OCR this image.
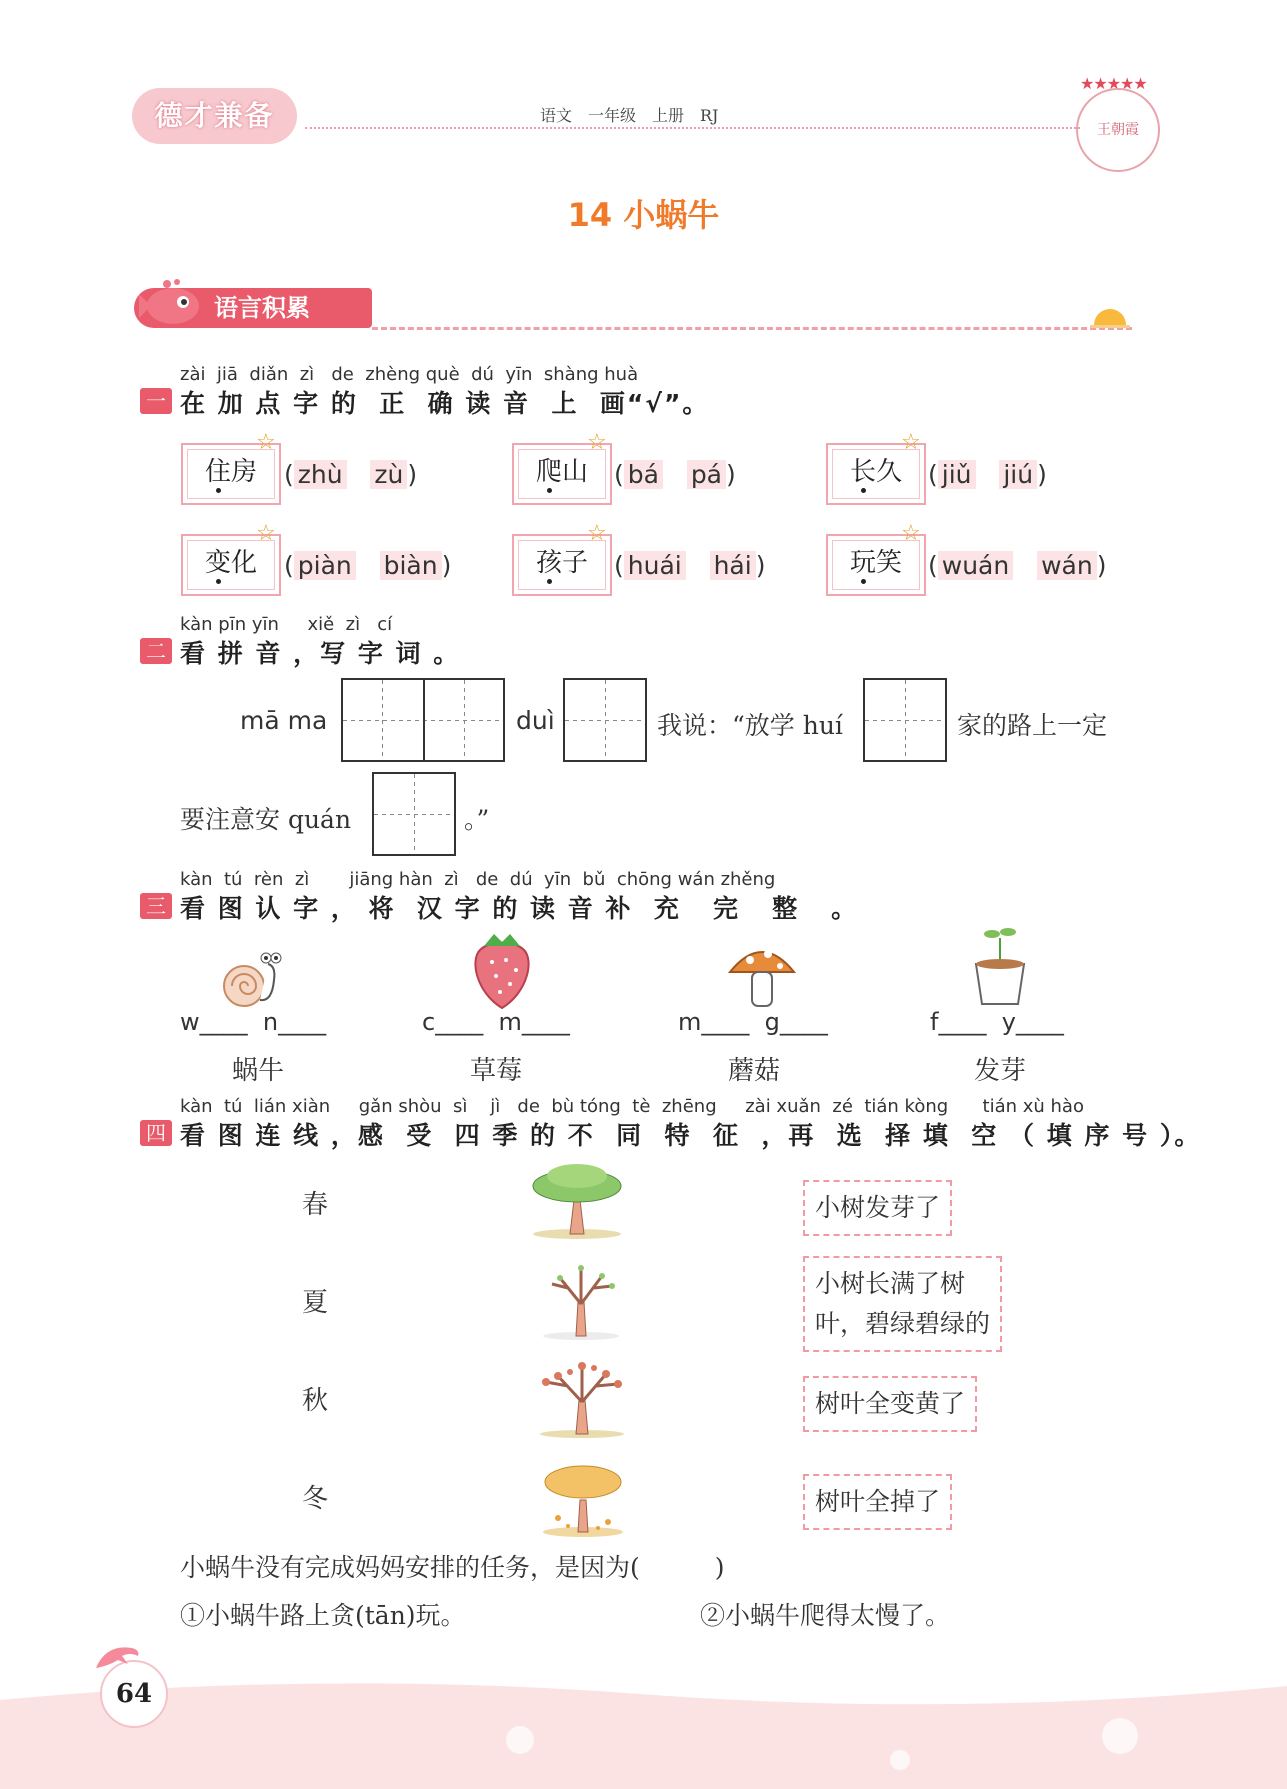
德才兼备	语文　一年级　上册　RJ
★★★★★
王朝霞
14 小蜗牛
语言积累
zài  jiā  diǎn  zì   de  zhèng què  dú  yīn  shàng huà
一 在 加 点 字 的  正  确 读 音  上  画“√”。
住房
☆
( zhù zù )	爬山
☆
( bá pá )	长久
☆
( jiǔ jiú )
变化
☆
( piàn biàn )	孩子
☆
( huái hái )	玩笑
☆
( wuán wán )
kàn pīn yīn     xiě  zì   cí
二 看 拼 音 ，写 字 词 。
mā ma	duì	我说：“放学 huí	家的路上一定
要注意安 quán	。”
kàn  tú  rèn  zì       jiāng hàn  zì   de  dú  yīn  bǔ  chōng wán zhěng
三 看 图 认 字 ， 将  汉 字 的 读 音 补  充   完   整   。
w____  n____	c____  m____	m____  g____	f____  y____
蜗牛	草莓	蘑菇	发芽
kàn  tú  lián xiàn     gǎn shòu  sì    jì   de  bù tóng  tè  zhēng     zài xuǎn  zé  tián kòng      tián xù hào
四 看 图 连 线 ，感  受  四 季 的 不  同  特  征  ，再  选  择 填  空 （ 填 序 号 ）。
春
夏
秋
冬
小树发芽了
小树长满了树
叶，碧绿碧绿的
树叶全变黄了
树叶全掉了
小蜗牛没有完成妈妈安排的任务，是因为(　　　)
①小蜗牛路上贪(tān)玩。	②小蜗牛爬得太慢了。
64
